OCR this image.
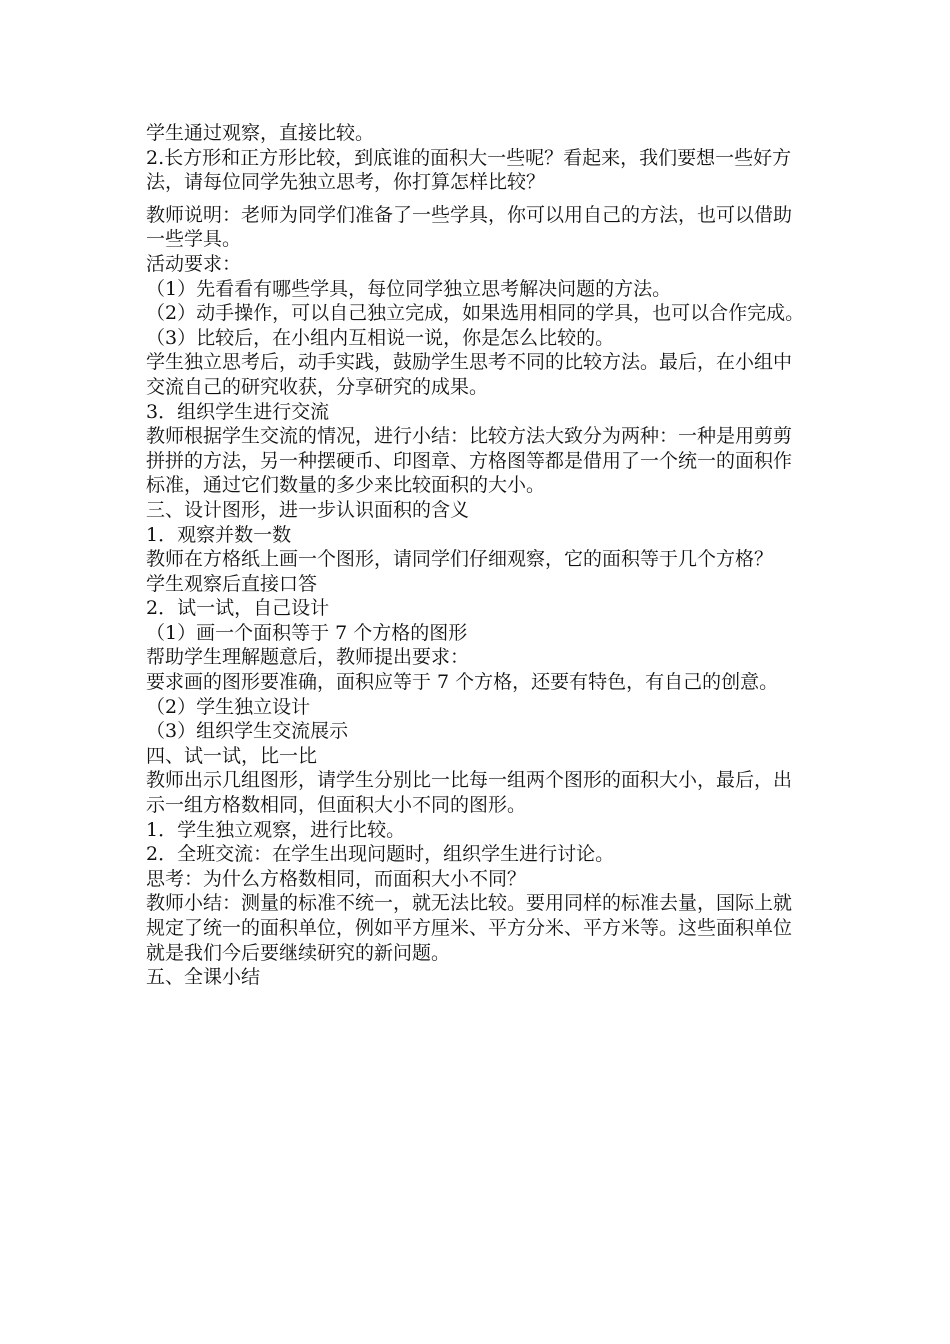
学生通过观察，直接比较。

2.长方形和正方形比较，到底谁的面积大一些呢？看起来，我们要想一些好方法，请每位同学先独立思考，你打算怎样比较？

教师说明：老师为同学们准备了一些学具，你可以用自己的方法，也可以借助一些学具。

活动要求：

（1）先看看有哪些学具，每位同学独立思考解决问题的方法。

（2）动手操作，可以自己独立完成，如果选用相同的学具，也可以合作完成。

（3）比较后，在小组内互相说一说，你是怎么比较的。

学生独立思考后，动手实践，鼓励学生思考不同的比较方法。最后，在小组中交流自己的研究收获，分享研究的成果。

3．组织学生进行交流

教师根据学生交流的情况，进行小结：比较方法大致分为两种：一种是用剪剪拼拼的方法，另一种摆硬币、印图章、方格图等都是借用了一个统一的面积作标准，通过它们数量的多少来比较面积的大小。

三、设计图形，进一步认识面积的含义

1．观察并数一数

教师在方格纸上画一个图形，请同学们仔细观察，它的面积等于几个方格？

学生观察后直接口答

2．试一试，自己设计

（1）画一个面积等于 7 个方格的图形

帮助学生理解题意后，教师提出要求：

要求画的图形要准确，面积应等于 7 个方格，还要有特色，有自己的创意。

（2）学生独立设计

（3）组织学生交流展示

四、试一试，比一比

教师出示几组图形，请学生分别比一比每一组两个图形的面积大小，最后，出示一组方格数相同，但面积大小不同的图形。

1．学生独立观察，进行比较。

2．全班交流：在学生出现问题时，组织学生进行讨论。

思考：为什么方格数相同，而面积大小不同？

教师小结：测量的标准不统一，就无法比较。要用同样的标准去量，国际上就规定了统一的面积单位，例如平方厘米、平方分米、平方米等。这些面积单位就是我们今后要继续研究的新问题。

五、全课小结
